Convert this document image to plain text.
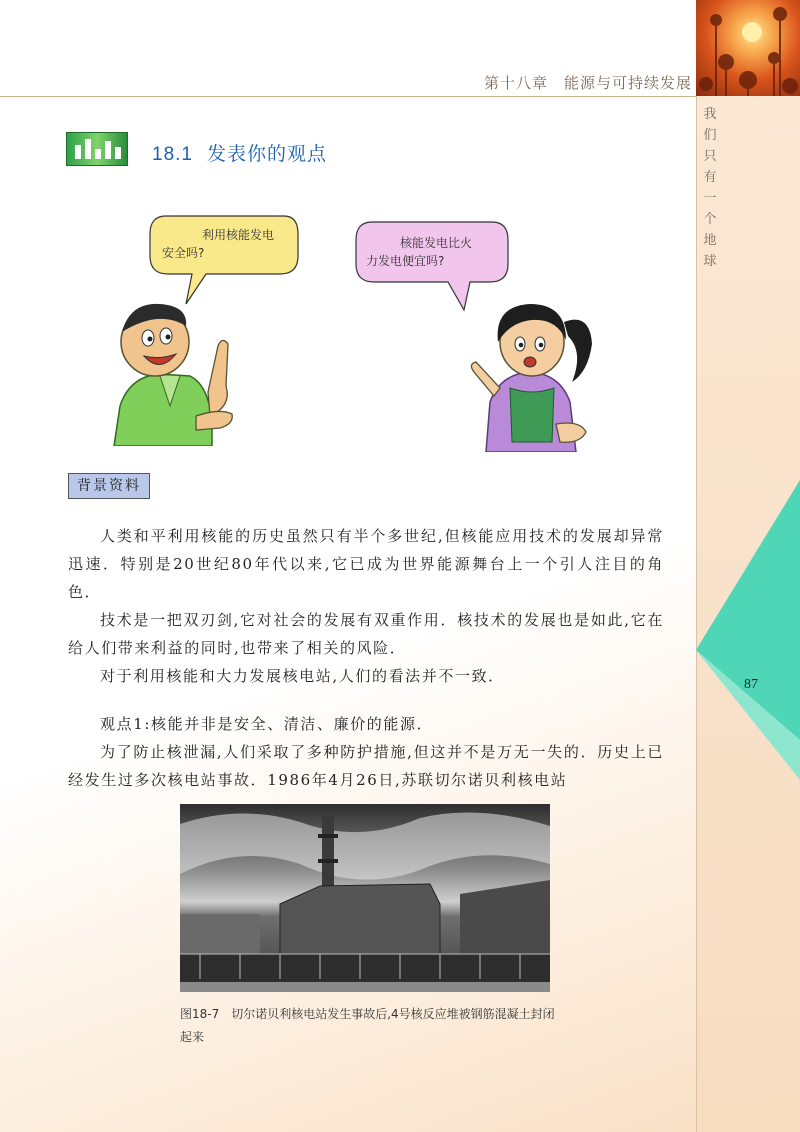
第十八章　能源与可持续发展
我
们
只
有
一
个
地
球
87
18.1 发表你的观点
利用核能发电
安全吗?
核能发电比火
力发电便宜吗?
背景资料
人类和平利用核能的历史虽然只有半个多世纪,但核能应用技术的发展却异常迅速．特别是20世纪80年代以来,它已成为世界能源舞台上一个引人注目的角色．
技术是一把双刃剑,它对社会的发展有双重作用．核技术的发展也是如此,它在给人们带来利益的同时,也带来了相关的风险．
对于利用核能和大力发展核电站,人们的看法并不一致．
观点1:核能并非是安全、清洁、廉价的能源．
为了防止核泄漏,人们采取了多种防护措施,但这并不是万无一失的．历史上已经发生过多次核电站事故．1986年4月26日,苏联切尔诺贝利核电站
图18-7　切尔诺贝利核电站发生事故后,4号核反应堆被钢筋混凝土封闭起来
